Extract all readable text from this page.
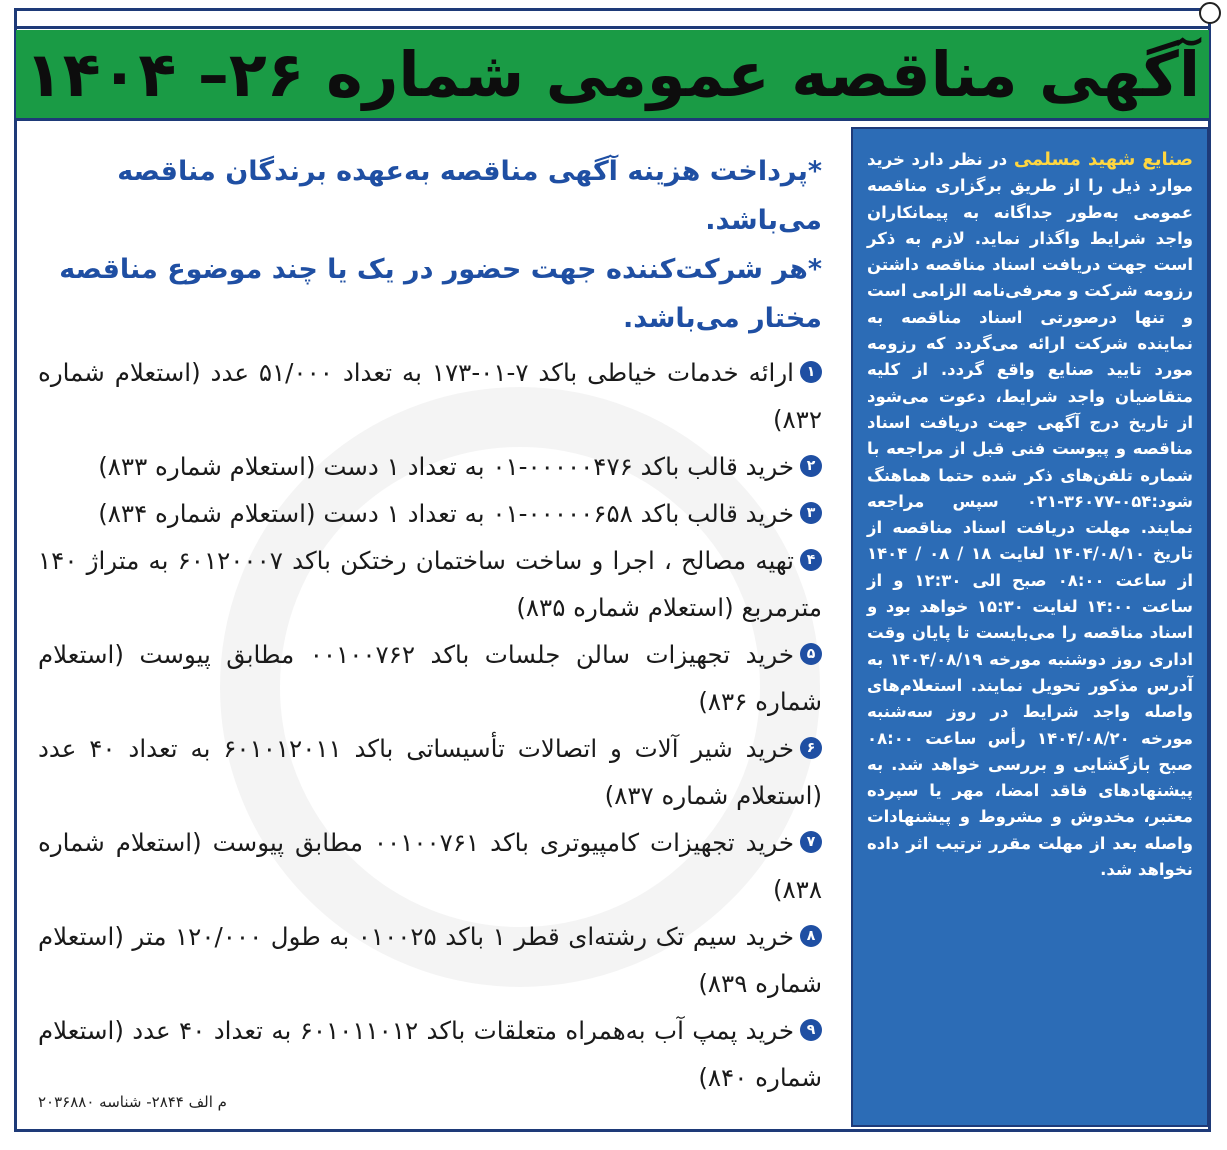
آگهی مناقصه عمومی شماره ۲۶– ۱۴۰۴

صنایع شهید مسلمی در نظر دارد خرید موارد ذیل را از طریق برگزاری مناقصه عمومی به‌طور جداگانه به پیمانکاران واجد شرایط واگذار نماید. لازم به ذکر است جهت دریافت اسناد مناقصه داشتن رزومه شرکت و معرفی‌نامه الزامی است و تنها درصورتی اسناد مناقصه به نماینده شرکت ارائه می‌گردد که رزومه مورد تایید صنایع واقع گردد. از کلیه متقاضیان واجد شرایط، دعوت می‌شود از تاریخ درج آگهی جهت دریافت اسناد مناقصه و پیوست فنی قبل از مراجعه با شماره تلفن‌های ذکر شده حتما هماهنگ شود:۰۵۴-۳۶۰۷۷-۰۲۱ سپس مراجعه نمایند. مهلت دریافت اسناد مناقصه از تاریخ ۱۴۰۴/۰۸/۱۰ لغایت ۱۸ / ۰۸ / ۱۴۰۴ از ساعت ۰۸:۰۰ صبح الی ۱۲:۳۰ و از ساعت ۱۴:۰۰ لغایت ۱۵:۳۰ خواهد بود و اسناد مناقصه را می‌بایست تا پایان وقت اداری روز دوشنبه مورخه ۱۴۰۴/۰۸/۱۹ به آدرس مذکور تحویل نمایند. استعلام‌های واصله واجد شرایط در روز سه‌شنبه مورخه ۱۴۰۴/۰۸/۲۰ رأس ساعت ۰۸:۰۰ صبح بازگشایی و بررسی خواهد شد. به پیشنهادهای فاقد امضا، مهر یا سپرده معتبر، مخدوش و مشروط و پیشنهادات واصله بعد از مهلت مقرر ترتیب اثر داده نخواهد شد.

*پرداخت هزینه آگهی مناقصه به‌عهده برندگان مناقصه می‌باشد.

*هر شرکت‌کننده جهت حضور در یک یا چند موضوع مناقصه مختار می‌باشد.

۱ارائه خدمات خیاطی باکد ۷-۰۱-۱۷۳ به تعداد ۵۱/۰۰۰ عدد (استعلام شماره ۸۳۲)
۲خرید قالب باکد ۰۰۰۰۰۴۷۶-۰۱ به تعداد ۱ دست (استعلام شماره ۸۳۳)
۳خرید قالب باکد ۰۰۰۰۰۶۵۸-۰۱ به تعداد ۱ دست (استعلام شماره ۸۳۴)
۴تهیه مصالح ، اجرا و ساخت ساختمان رختکن باکد ۶۰۱۲۰۰۰۷ به متراژ ۱۴۰ مترمربع (استعلام شماره ۸۳۵)
۵خرید تجهیزات سالن جلسات باکد ۰۰۱۰۰۷۶۲ مطابق پیوست (استعلام شماره ۸۳۶)
۶خرید شیر آلات و اتصالات تأسیساتی باکد ۶۰۱۰۱۲۰۱۱ به تعداد ۴۰ عدد (استعلام شماره ۸۳۷)
۷خرید تجهیزات کامپیوتری باکد ۰۰۱۰۰۷۶۱ مطابق پیوست (استعلام شماره ۸۳۸)
۸خرید سیم تک رشته‌ای قطر ۱ باکد ۰۱۰۰۲۵ به طول ۱۲۰/۰۰۰ متر (استعلام شماره ۸۳۹)
۹خرید پمپ آب به‌همراه متعلقات باکد ۶۰۱۰۱۱۰۱۲ به تعداد ۴۰ عدد (استعلام شماره ۸۴۰)
م الف ۲۸۴۴- شناسه ۲۰۳۶۸۸۰
